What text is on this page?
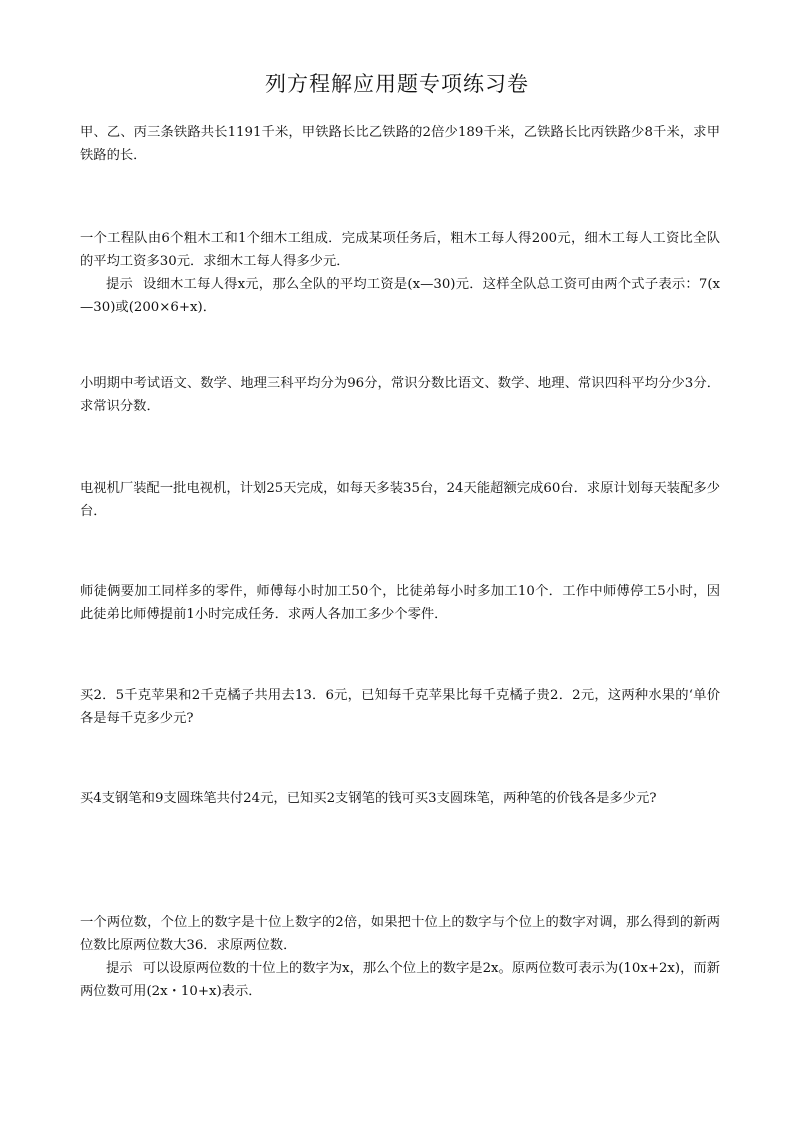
列方程解应用题专项练习卷

甲、乙、丙三条铁路共长1191千米，甲铁路长比乙铁路的2倍少189千米，乙铁路长比丙铁路少8千米，求甲铁路的长．

一个工程队由6个粗木工和1个细木工组成．完成某项任务后，粗木工每人得200元，细木工每人工资比全队的平均工资多30元．求细木工每人得多少元．

提示 设细木工每人得x元，那么全队的平均工资是(x—30)元．这样全队总工资可由两个式子表示：7(x—30)或(200×6+x)．

小明期中考试语文、数学、地理三科平均分为96分，常识分数比语文、数学、地理、常识四科平均分少3分．求常识分数．

电视机厂装配一批电视机，计划25天完成，如每天多装35台，24天能超额完成60台．求原计划每天装配多少台．

师徒俩要加工同样多的零件，师傅每小时加工50个，比徒弟每小时多加工10个．工作中师傅停工5小时，因此徒弟比师傅提前1小时完成任务．求两人各加工多少个零件．

买2．5千克苹果和2千克橘子共用去13．6元，已知每千克苹果比每千克橘子贵2．2元，这两种水果的‘单价各是每千克多少元?

买4支钢笔和9支圆珠笔共付24元，已知买2支钢笔的钱可买3支圆珠笔，两种笔的价钱各是多少元?

一个两位数，个位上的数字是十位上数字的2倍，如果把十位上的数字与个位上的数字对调，那么得到的新两位数比原两位数大36．求原两位数．

提示 可以设原两位数的十位上的数字为x，那么个位上的数字是2x。原两位数可表示为(10x+2x)，而新两位数可用(2x・10+x)表示．
